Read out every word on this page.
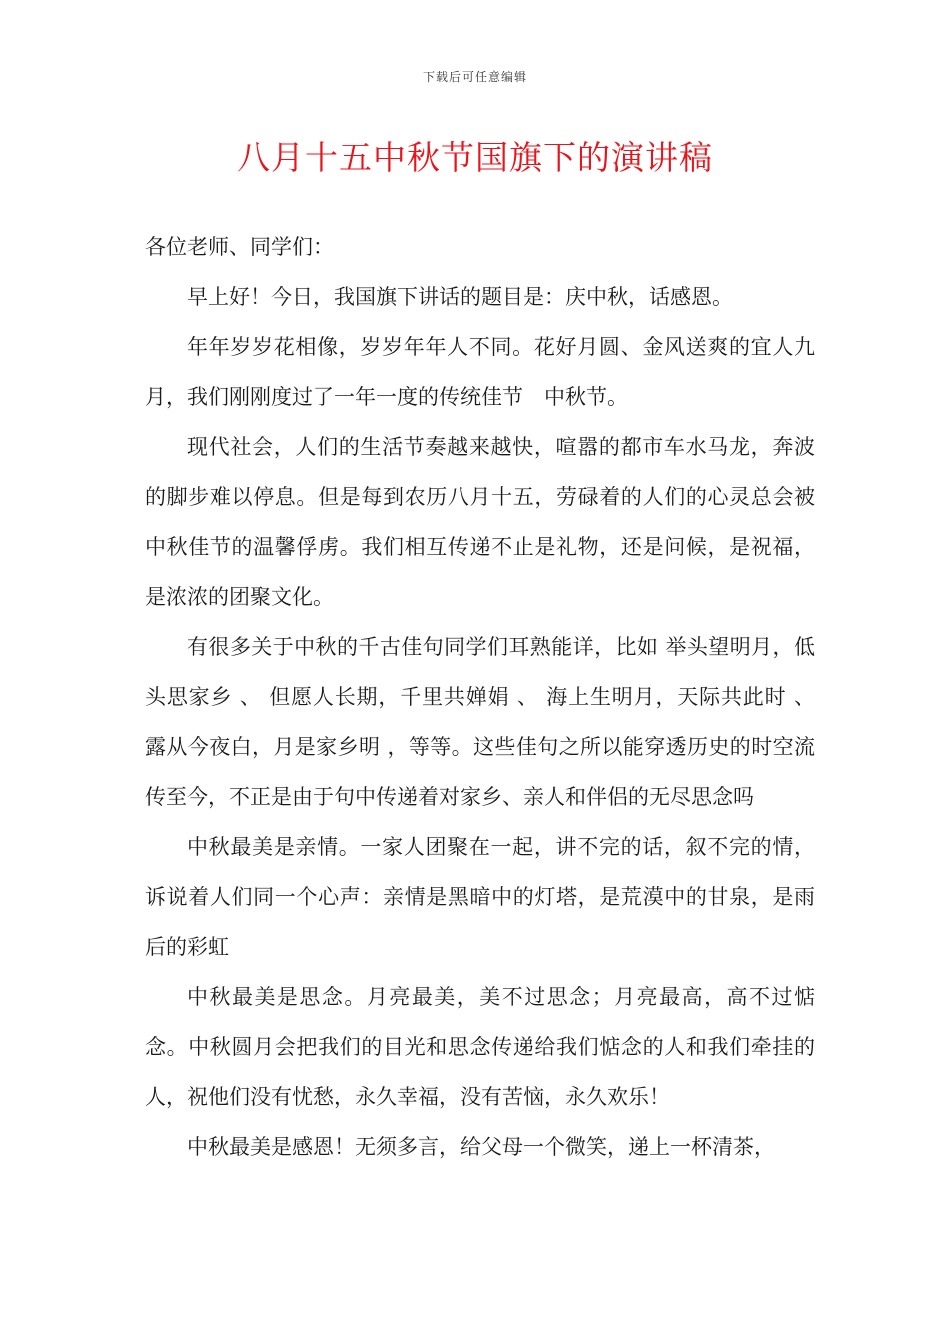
下载后可任意编辑
八月十五中秋节国旗下的演讲稿

各位老师、同学们：

早上好！今日，我国旗下讲话的题目是：庆中秋，话感恩。

年年岁岁花相像，岁岁年年人不同。花好月圆、金风送爽的宜人九月，我们刚刚度过了一年一度的传统佳节　中秋节。

现代社会，人们的生活节奏越来越快，喧嚣的都市车水马龙，奔波的脚步难以停息。但是每到农历八月十五，劳碌着的人们的心灵总会被中秋佳节的温馨俘虏。我们相互传递不止是礼物，还是问候，是祝福，是浓浓的团聚文化。

有很多关于中秋的千古佳句同学们耳熟能详，比如 举头望明月，低头思家乡 、 但愿人长期，千里共婵娟 、 海上生明月，天际共此时 、 露从今夜白，月是家乡明 ，等等。这些佳句之所以能穿透历史的时空流传至今，不正是由于句中传递着对家乡、亲人和伴侣的无尽思念吗

中秋最美是亲情。一家人团聚在一起，讲不完的话，叙不完的情，诉说着人们同一个心声：亲情是黑暗中的灯塔，是荒漠中的甘泉，是雨后的彩虹

中秋最美是思念。月亮最美，美不过思念；月亮最高，高不过惦念。中秋圆月会把我们的目光和思念传递给我们惦念的人和我们牵挂的人，祝他们没有忧愁，永久幸福，没有苦恼，永久欢乐！

中秋最美是感恩！无须多言，给父母一个微笑，递上一杯清茶，
